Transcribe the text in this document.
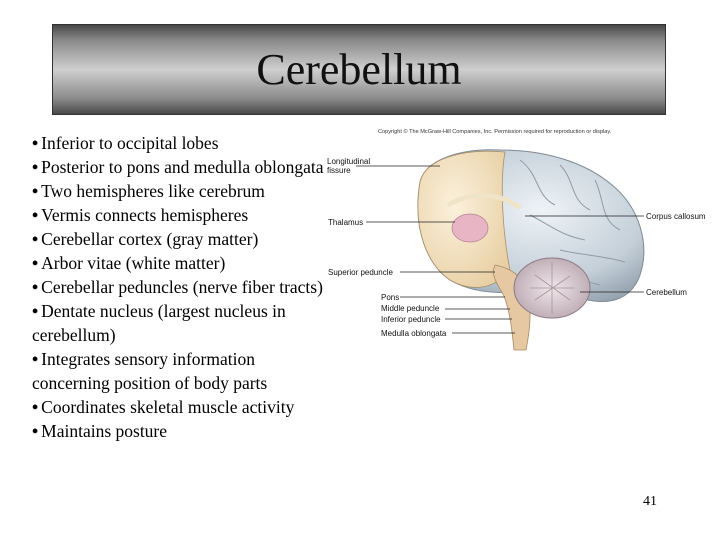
Cerebellum

• Inferior to occipital lobes

• Posterior to pons and medulla oblongata

• Two hemispheres like cerebrum

• Vermis connects hemispheres

• Cerebellar cortex (gray matter)

• Arbor vitae (white matter)

• Cerebellar peduncles (nerve fiber tracts)

• Dentate nucleus (largest nucleus in cerebellum)

• Integrates sensory information concerning position of body parts

• Coordinates skeletal muscle activity

• Maintains posture

Copyright © The McGraw-Hill Companies, Inc. Permission required for reproduction or display.
Longitudinal
fissure
Thalamus
Superior peduncle
Pons
Middle peduncle
Inferior peduncle
Medulla oblongata
Corpus callosum
Cerebellum
41
